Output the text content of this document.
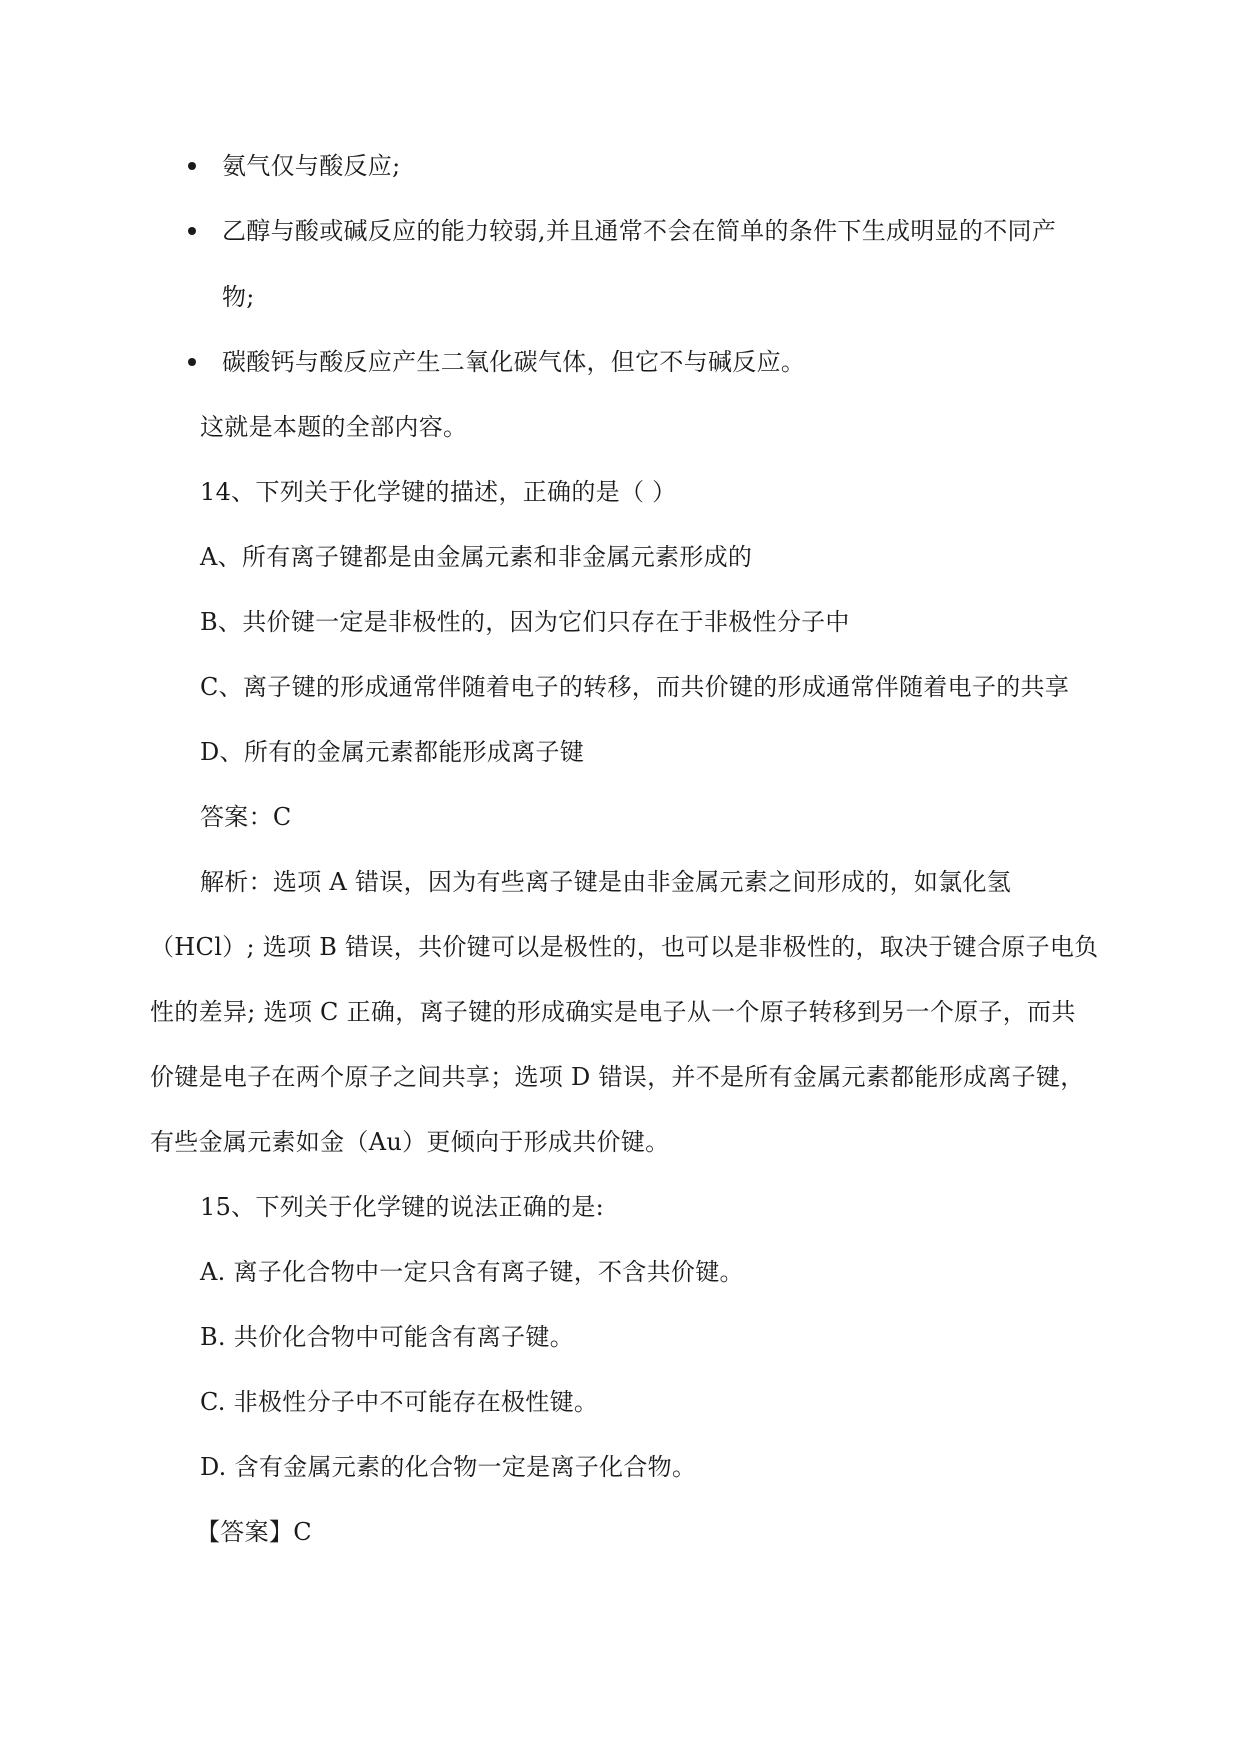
氨气仅与酸反应;
乙醇与酸或碱反应的能力较弱,并且通常不会在简单的条件下生成明显的不同产
物;
碳酸钙与酸反应产生二氧化碳气体，但它不与碱反应。
这就是本题的全部内容。
14、下列关于化学键的描述，正确的是（ ）
A、所有离子键都是由金属元素和非金属元素形成的
B、共价键一定是非极性的，因为它们只存在于非极性分子中
C、离子键的形成通常伴随着电子的转移，而共价键的形成通常伴随着电子的共享
D、所有的金属元素都能形成离子键
答案：C
解析：选项 A 错误，因为有些离子键是由非金属元素之间形成的，如氯化氢
（HCl）; 选项 B 错误，共价键可以是极性的，也可以是非极性的，取决于键合原子电负
性的差异; 选项 C 正确，离子键的形成确实是电子从一个原子转移到另一个原子，而共
价键是电子在两个原子之间共享；选项 D 错误，并不是所有金属元素都能形成离子键，
有些金属元素如金（Au）更倾向于形成共价键。
15、下列关于化学键的说法正确的是:
A. 离子化合物中一定只含有离子键，不含共价键。
B. 共价化合物中可能含有离子键。
C. 非极性分子中不可能存在极性键。
D. 含有金属元素的化合物一定是离子化合物。
【答案】C
